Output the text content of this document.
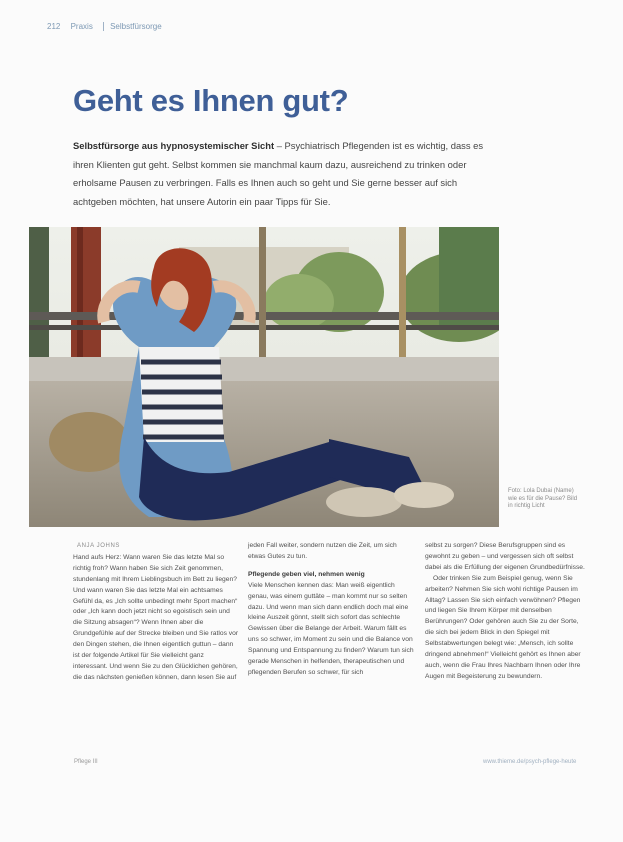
212 Praxis Selbstfürsorge
Geht es Ihnen gut?
Selbstfürsorge aus hypnosystemischer Sicht – Psychiatrisch Pflegenden ist es wichtig, dass es ihren Klienten gut geht. Selbst kommen sie manchmal kaum dazu, ausreichend zu trinken oder erholsame Pausen zu verbringen. Falls es Ihnen auch so geht und Sie gerne besser auf sich achtgeben möchten, hat unsere Autorin ein paar Tipps für Sie.
Foto: Lola Dubai (Name) wie es für die Pause? Bild in richtig Licht
ANJA JOHNS

Hand aufs Herz: Wann waren Sie das letzte Mal so richtig froh? Wann haben Sie sich Zeit genommen, stundenlang mit Ihrem Lieblingsbuch im Bett zu liegen? Und wann waren Sie das letzte Mal ein achtsames Gefühl da, es „Ich sollte unbedingt mehr Sport machen“ oder „Ich kann doch jetzt nicht so egoistisch sein und die Sitzung absagen“? Wenn Ihnen aber die Grundgefühle auf der Strecke bleiben und Sie ratlos vor den Dingen stehen, die Ihnen eigentlich guttun – dann ist der folgende Artikel für Sie vielleicht ganz interessant. Und wenn Sie zu den Glücklichen gehören, die das nächsten genießen können, dann lesen Sie auf

jeden Fall weiter, sondern nutzen die Zeit, um sich etwas Gutes zu tun.

Pflegende geben viel, nehmen wenig

Viele Menschen kennen das: Man weiß eigentlich genau, was einem guttäte – man kommt nur so selten dazu. Und wenn man sich dann endlich doch mal eine kleine Auszeit gönnt, stellt sich sofort das schlechte Gewissen über die Belange der Arbeit. Warum fällt es uns so schwer, im Moment zu sein und die Balance von Spannung und Entspannung zu finden? Warum tun sich gerade Menschen in helfenden, therapeutischen und pflegenden Berufen so schwer, für sich

selbst zu sorgen? Diese Berufsgruppen sind es gewohnt zu geben – und vergessen sich oft selbst dabei als die Erfüllung der eigenen Grundbedürfnisse.

Oder trinken Sie zum Beispiel genug, wenn Sie arbeiten? Nehmen Sie sich wohl richtige Pausen im Alltag? Lassen Sie sich einfach verwöhnen? Pflegen und liegen Sie Ihrem Körper mit denselben Berührungen? Oder gehören auch Sie zu der Sorte, die sich bei jedem Blick in den Spiegel mit Selbstabwertungen belegt wie: „Mensch, ich sollte dringend abnehmen!“ Vielleicht gehört es Ihnen aber auch, wenn die Frau Ihres Nachbarn Ihnen oder Ihre Augen mit Begeisterung zu bewundern.

Pflege III	www.thieme.de/psych-pflege-heute
